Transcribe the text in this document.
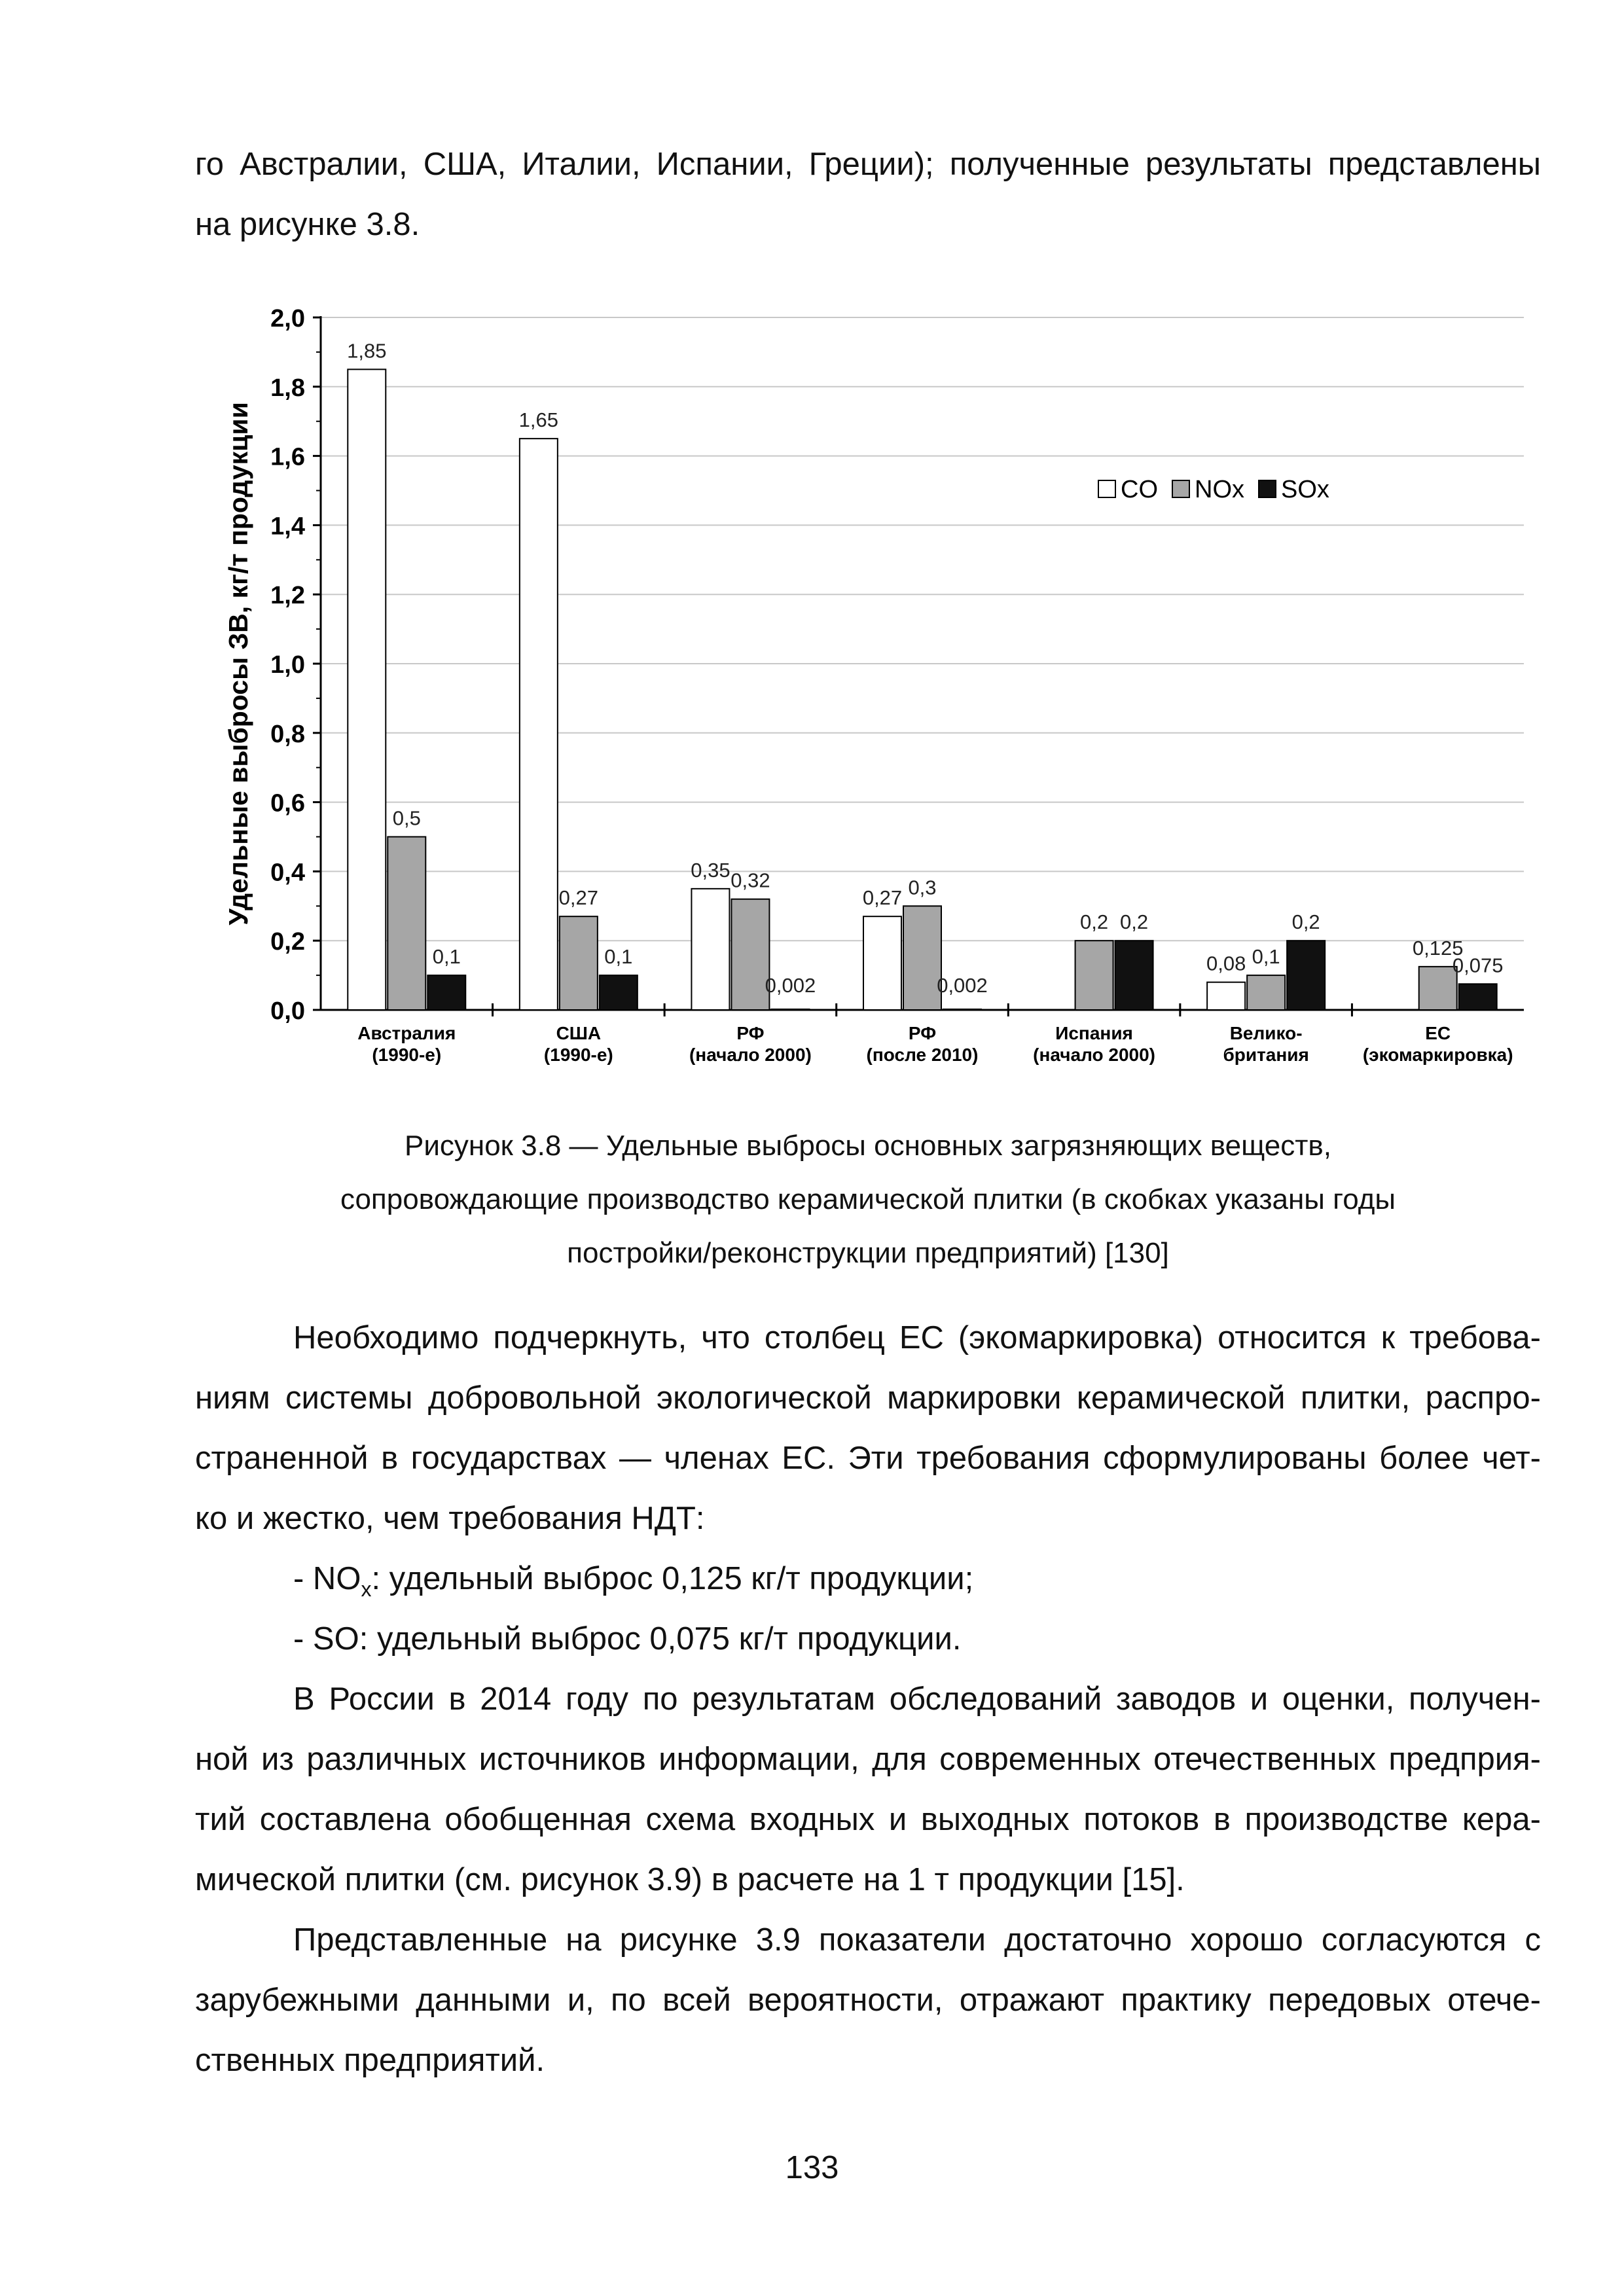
го Австралии, США, Италии, Испании, Греции); полученные результаты представлены
на рисунке 3.8.
0,0
0,2
0,4
0,6
0,8
1,0
1,2
1,4
1,6
1,8
2,0
Удельные выбросы ЗВ, кг/т продукции
1,85
0,5
0,1
Австралия
(1990-е)
1,65
0,27
0,1
США
(1990-е)
0,35 0,32
0,002
РФ
(начало 2000)
0,27 0,3
0,002
РФ
(после 2010)
0,2 0,2
Испания
(начало 2000)
0,08 0,1
0,2
Велико-
британия
0,125
0,075
ЕС
(экомаркировка)
CO NOx SOx
Рисунок 3.8 — Удельные выбросы основных загрязняющих веществ,
сопровождающие производство керамической плитки (в скобках указаны годы
постройки/реконструкции предприятий) [130]
Необходимо подчеркнуть, что столбец ЕС (экомаркировка) относится к требова-
ниям системы добровольной экологической маркировки керамической плитки, распро-
страненной в государствах — членах ЕС. Эти требования сформулированы более чет-
ко и жестко, чем требования НДТ:

- $NO_x$: удельный выброс 0,125 кг/т продукции;

- SO: удельный выброс 0,075 кг/т продукции.

В России в 2014 году по результатам обследований заводов и оценки, получен-
ной из различных источников информации, для современных отечественных предприя-
тий составлена обобщенная схема входных и выходных потоков в производстве кера-
мической плитки (см. рисунок 3.9) в расчете на 1 т продукции [15].
Представленные на рисунке 3.9 показатели достаточно хорошо согласуются с
зарубежными данными и, по всей вероятности, отражают практику передовых отече-
ственных предприятий.
133
